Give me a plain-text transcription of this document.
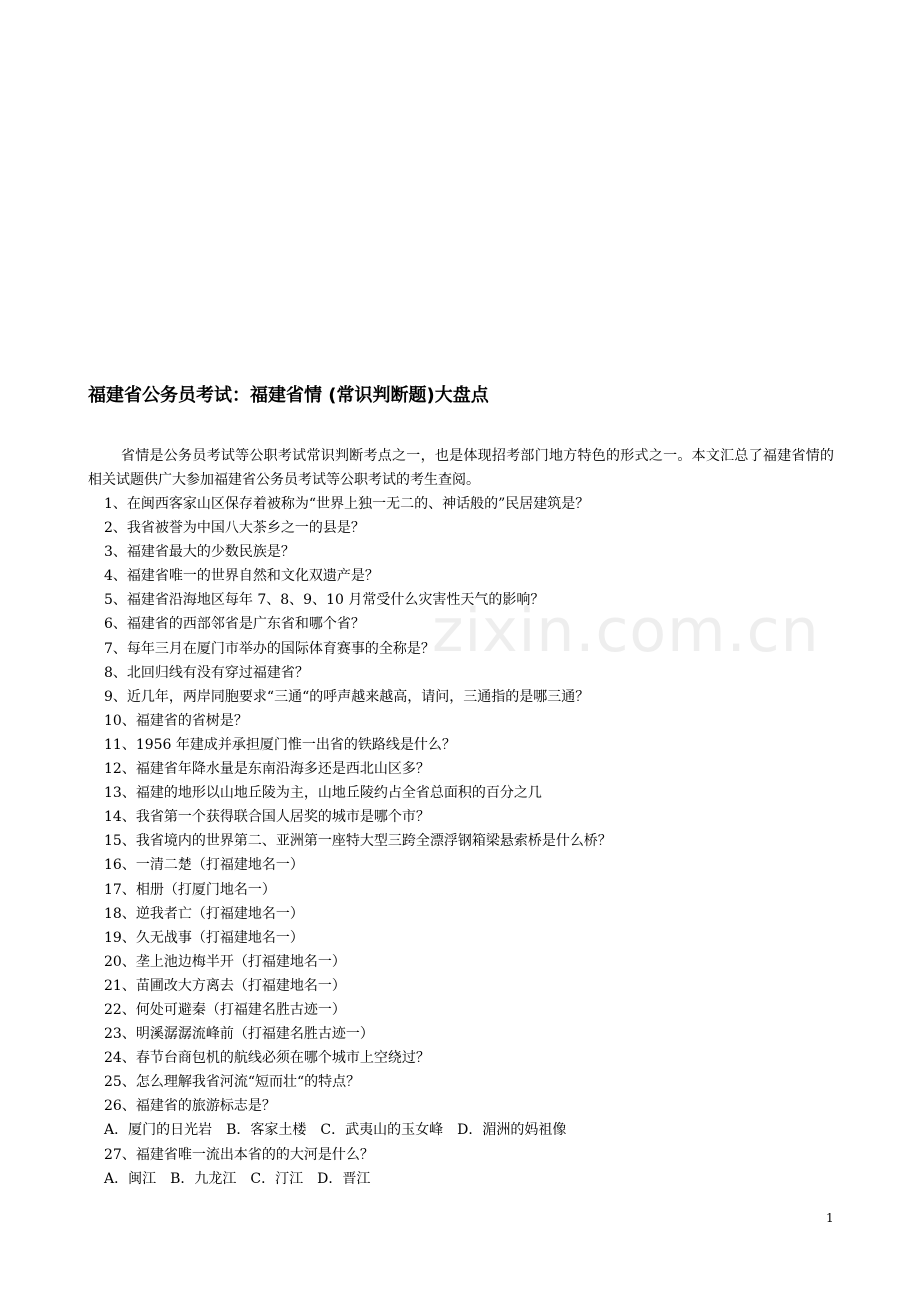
福建省公务员考试：福建省情 (常识判断题)大盘点
省情是公务员考试等公职考试常识判断考点之一，也是体现招考部门地方特色的形式之一。本文汇总了福建省情的相关试题供广大参加福建省公务员考试等公职考试的考生查阅。
1、在闽西客家山区保存着被称为“世界上独一无二的、神话般的”民居建筑是？
2、我省被誉为中国八大茶乡之一的县是？
3、福建省最大的少数民族是？
4、福建省唯一的世界自然和文化双遗产是？
5、福建省沿海地区每年 7、8、9、10 月常受什么灾害性天气的影响？
6、福建省的西部邻省是广东省和哪个省？
7、每年三月在厦门市举办的国际体育赛事的全称是？
8、北回归线有没有穿过福建省？
9、近几年，两岸同胞要求“三通“的呼声越来越高，请问，三通指的是哪三通？
10、福建省的省树是？
11、1956 年建成并承担厦门惟一出省的铁路线是什么？
12、福建省年降水量是东南沿海多还是西北山区多？
13、福建的地形以山地丘陵为主，山地丘陵约占全省总面积的百分之几
14、我省第一个获得联合国人居奖的城市是哪个市？
15、我省境内的世界第二、亚洲第一座特大型三跨全漂浮钢箱梁悬索桥是什么桥？
16、一清二楚（打福建地名一）
17、相册（打厦门地名一）
18、逆我者亡（打福建地名一）
19、久无战事（打福建地名一）
20、垄上池边梅半开（打福建地名一）
21、苗圃改大方离去（打福建地名一）
22、何处可避秦（打福建名胜古迹一）
23、明溪潺潺流峰前（打福建名胜古迹一）
24、春节台商包机的航线必须在哪个城市上空绕过？
25、怎么理解我省河流“短而壮“的特点？
26、福建省的旅游标志是？
A．厦门的日光岩　B．客家土楼　C．武夷山的玉女峰　D．湄洲的妈祖像
27、福建省唯一流出本省的的大河是什么？
A．闽江　B．九龙江　C．汀江　D．晋江
zixin.com.cn
1
